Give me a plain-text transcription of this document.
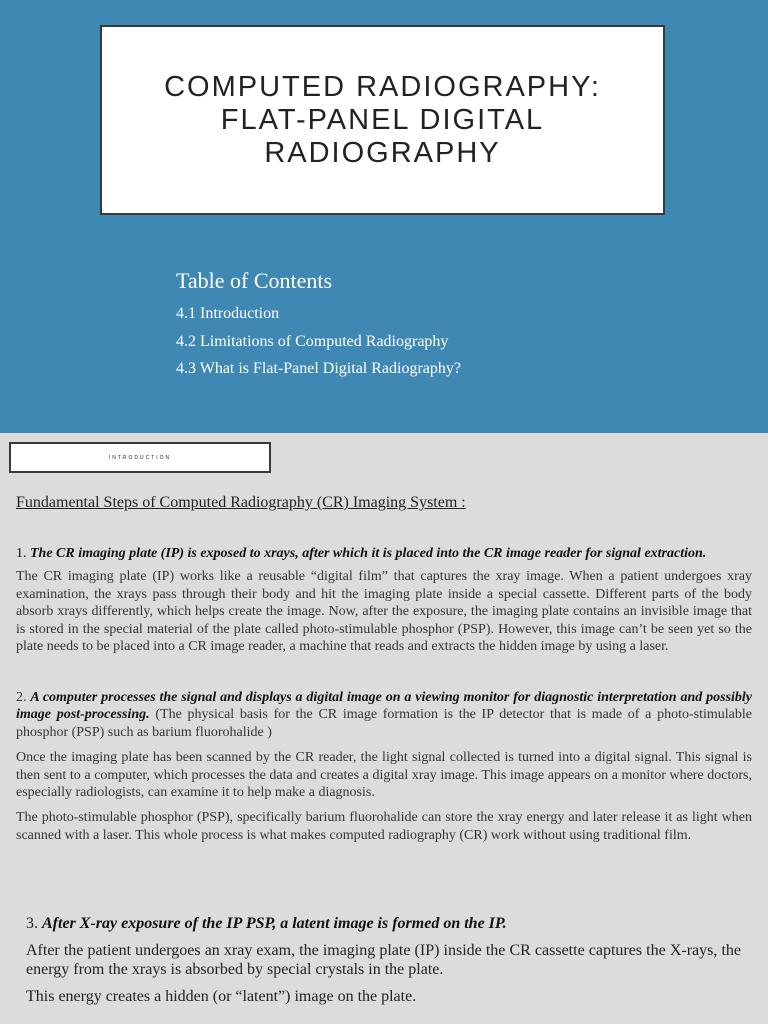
COMPUTED RADIOGRAPHY:
FLAT-PANEL DIGITAL
RADIOGRAPHY
Table of Contents
4.1 Introduction
4.2 Limitations of Computed Radiography
4.3 What is Flat-Panel Digital Radiography?
INTRODUCTION
Fundamental Steps of Computed Radiography (CR) Imaging System :

1. The CR imaging plate (IP) is exposed to xrays, after which it is placed into the CR image reader for signal extraction.

The CR imaging plate (IP) works like a reusable “digital film” that captures the xray image. When a patient undergoes xray examination, the xrays pass through their body and hit the imaging plate inside a special cassette. Different parts of the body absorb xrays differently, which helps create the image. Now, after the exposure, the imaging plate contains an invisible image that is stored in the special material of the plate called photo-stimulable phosphor (PSP). However, this image can’t be seen yet so the plate needs to be placed into a CR image reader, a machine that reads and extracts the hidden image by using a laser.

2. A computer processes the signal and displays a digital image on a viewing monitor for diagnostic interpretation and possibly image post-processing. (The physical basis for the CR image formation is the IP detector that is made of a photo-stimulable phosphor (PSP) such as barium fluorohalide )

Once the imaging plate has been scanned by the CR reader, the light signal collected is turned into a digital signal. This signal is then sent to a computer, which processes the data and creates a digital xray image. This image appears on a monitor where doctors, especially radiologists, can examine it to help make a diagnosis.

The photo-stimulable phosphor (PSP), specifically barium fluorohalide can store the xray energy and later release it as light when scanned with a laser. This whole process is what makes computed radiography (CR) work without using traditional film.

3. After X-ray exposure of the IP PSP, a latent image is formed on the IP.

After the patient undergoes an xray exam, the imaging plate (IP) inside the CR cassette captures the X-rays, the energy from the xrays is absorbed by special crystals in the plate.

This energy creates a hidden (or “latent”) image on the plate.
